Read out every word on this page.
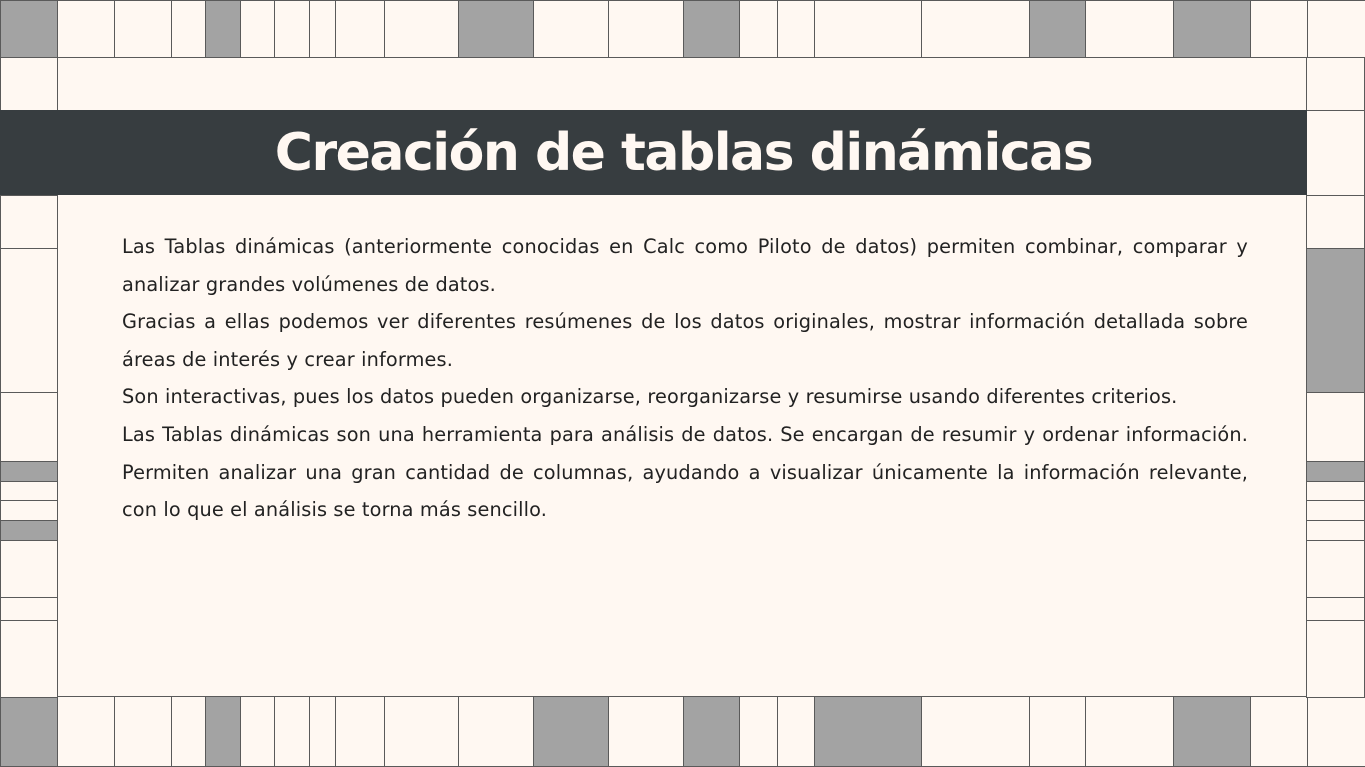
Creación de tablas dinámicas

Las Tablas dinámicas (anteriormente conocidas en Calc como Piloto de datos) permiten combinar, comparar y analizar grandes volúmenes de datos.

Gracias a ellas podemos ver diferentes resúmenes de los datos originales, mostrar información detallada sobre áreas de interés y crear informes.

Son interactivas, pues los datos pueden organizarse, reorganizarse y resumirse usando diferentes criterios.

Las Tablas dinámicas son una herramienta para análisis de datos. Se encargan de resumir y ordenar información. Permiten analizar una gran cantidad de columnas, ayudando a visualizar únicamente la información relevante, con lo que el análisis se torna más sencillo.
